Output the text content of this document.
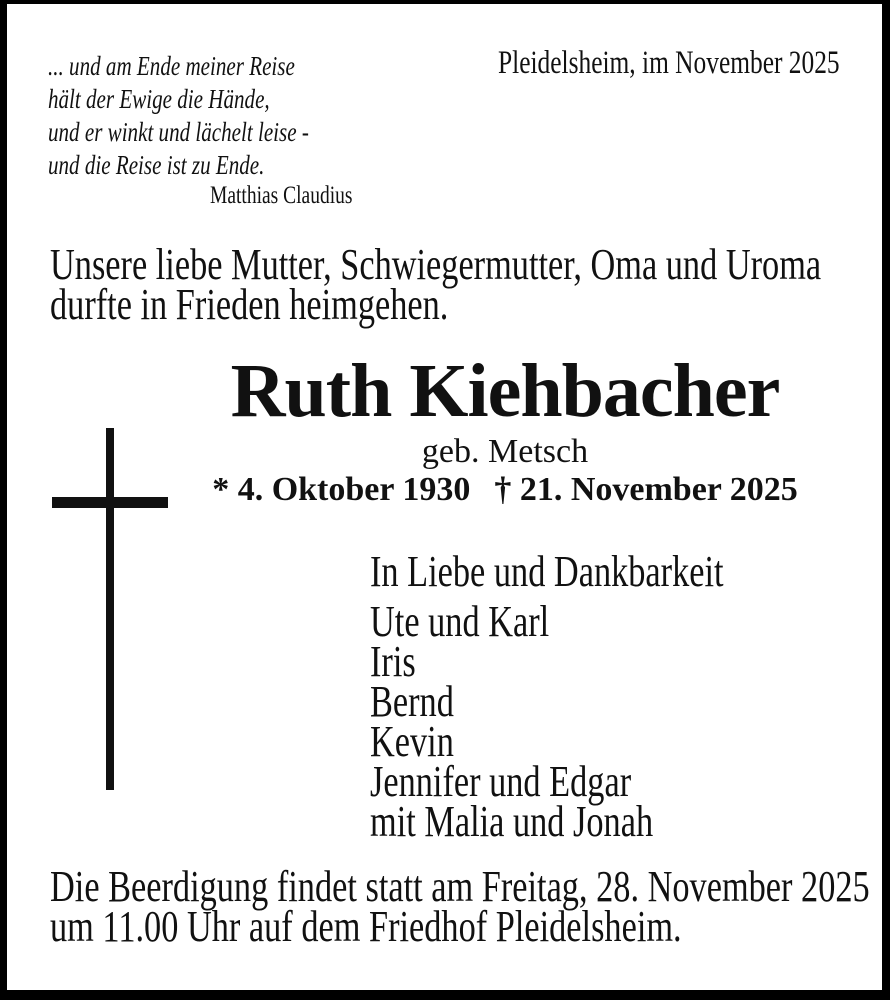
... und am Ende meiner Reise
hält der Ewige die Hände,
und er winkt und lächelt leise -
und die Reise ist zu Ende.
Matthias Claudius
Pleidelsheim, im November 2025
Unsere liebe Mutter, Schwiegermutter, Oma und Uroma
durfte in Frieden heimgehen.
Ruth Kiehbacher
geb. Metsch
* 4. Oktober 1930 † 21. November 2025
In Liebe und Dankbarkeit
Ute und Karl
Iris
Bernd
Kevin
Jennifer und Edgar
mit Malia und Jonah
Die Beerdigung findet statt am Freitag, 28. November 2025
um 11.00 Uhr auf dem Friedhof Pleidelsheim.
